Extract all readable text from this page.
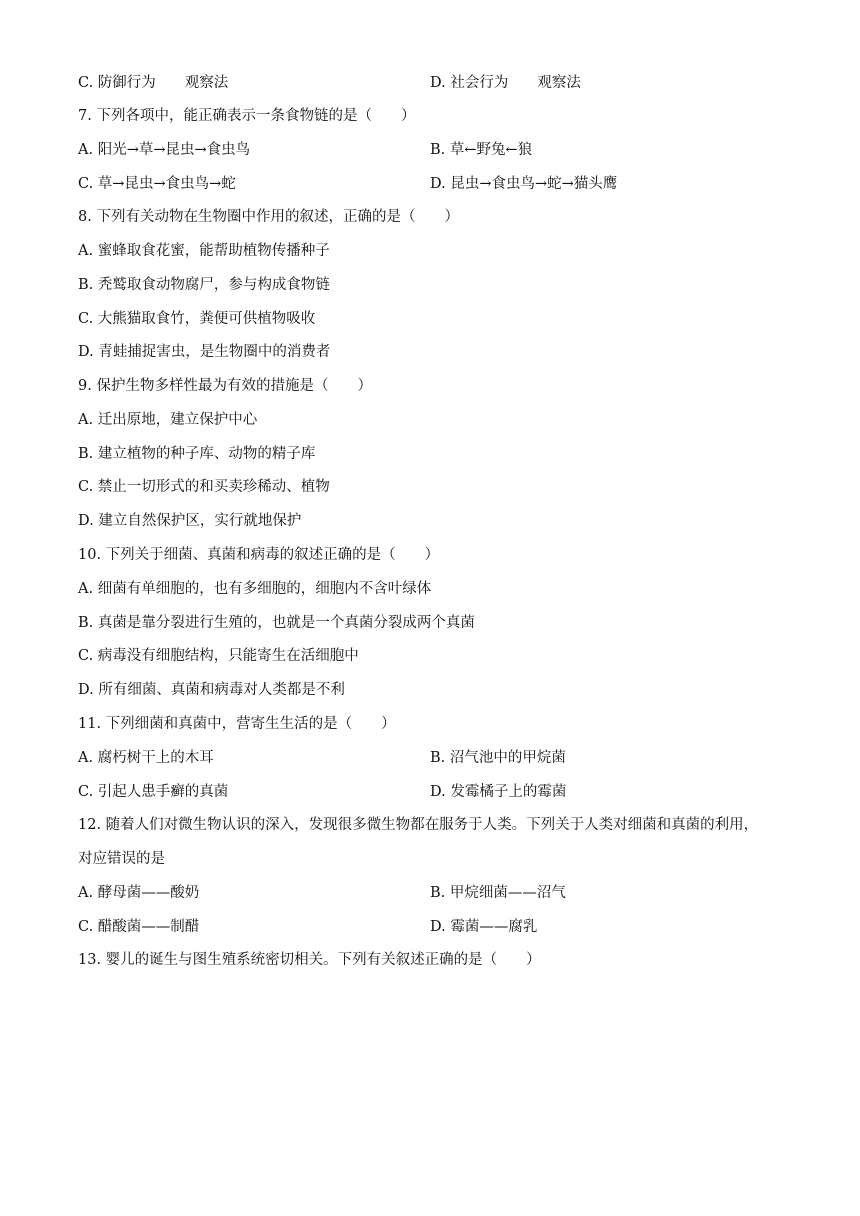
C. 防御行为　　观察法	D. 社会行为　　观察法
7. 下列各项中，能正确表示一条食物链的是（　　）
A. 阳光→草→昆虫→食虫鸟	B. 草←野兔←狼
C. 草→昆虫→食虫鸟→蛇	D. 昆虫→食虫鸟→蛇→猫头鹰
8. 下列有关动物在生物圈中作用的叙述，正确的是（　　）
A. 蜜蜂取食花蜜，能帮助植物传播种子
B. 秃鹫取食动物腐尸，参与构成食物链
C. 大熊猫取食竹，粪便可供植物吸收
D. 青蛙捕捉害虫，是生物圈中的消费者
9. 保护生物多样性最为有效的措施是（　　）
A. 迁出原地，建立保护中心
B. 建立植物的种子库、动物的精子库
C. 禁止一切形式的和买卖珍稀动、植物
D. 建立自然保护区，实行就地保护
10. 下列关于细菌、真菌和病毒的叙述正确的是（　　）
A. 细菌有单细胞的，也有多细胞的，细胞内不含叶绿体
B. 真菌是靠分裂进行生殖的，也就是一个真菌分裂成两个真菌
C. 病毒没有细胞结构，只能寄生在活细胞中
D. 所有细菌、真菌和病毒对人类都是不利
11. 下列细菌和真菌中，营寄生生活的是（　　）
A. 腐朽树干上的木耳	B. 沼气池中的甲烷菌
C. 引起人患手癣的真菌	D. 发霉橘子上的霉菌
12. 随着人们对微生物认识的深入，发现很多微生物都在服务于人类。下列关于人类对细菌和真菌的利用，
对应错误的是
A. 酵母菌——酸奶	B. 甲烷细菌——沼气
C. 醋酸菌——制醋	D. 霉菌——腐乳
13. 婴儿的诞生与图生殖系统密切相关。下列有关叙述正确的是（　　）
